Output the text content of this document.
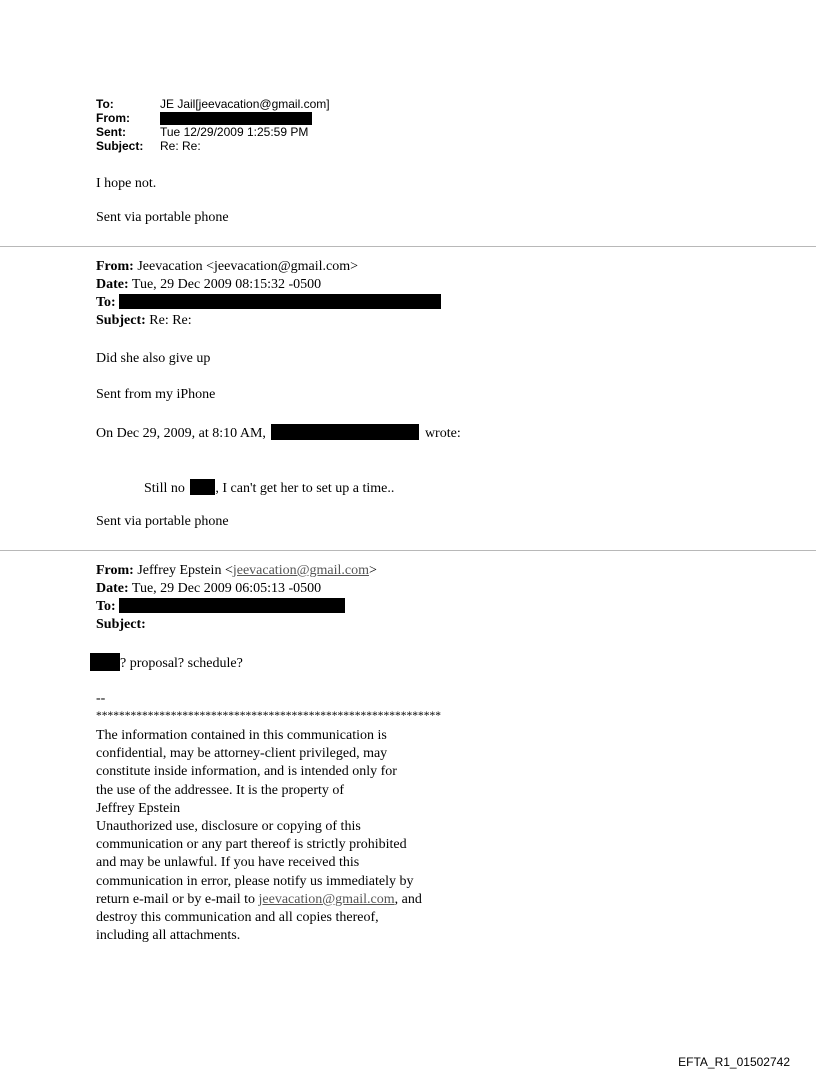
To:	JE Jail[jeevacation@gmail.com]
From:
Sent:	Tue 12/29/2009 1:25:59 PM
Subject: Re: Re:
I hope not.
Sent via portable phone
From: Jeevacation <jeevacation@gmail.com>
Date: Tue, 29 Dec 2009 08:15:32 -0500
To:
Subject: Re: Re:
Did she also give up
Sent from my iPhone
On Dec 29, 2009, at 8:10 AM,	wrote:
Still no , I can't get her to set up a time..
Sent via portable phone
From: Jeffrey Epstein <jeevacation@gmail.com>
Date: Tue, 29 Dec 2009 06:05:13 -0500
To:
Subject:
? proposal? schedule?
--
************************************************************
The information contained in this communication is
confidential, may be attorney-client privileged, may
constitute inside information, and is intended only for
the use of the addressee. It is the property of
Jeffrey Epstein
Unauthorized use, disclosure or copying of this
communication or any part thereof is strictly prohibited
and may be unlawful. If you have received this
communication in error, please notify us immediately by
return e-mail or by e-mail to jeevacation@gmail.com, and
destroy this communication and all copies thereof,
including all attachments.
EFTA_R1_01502742
